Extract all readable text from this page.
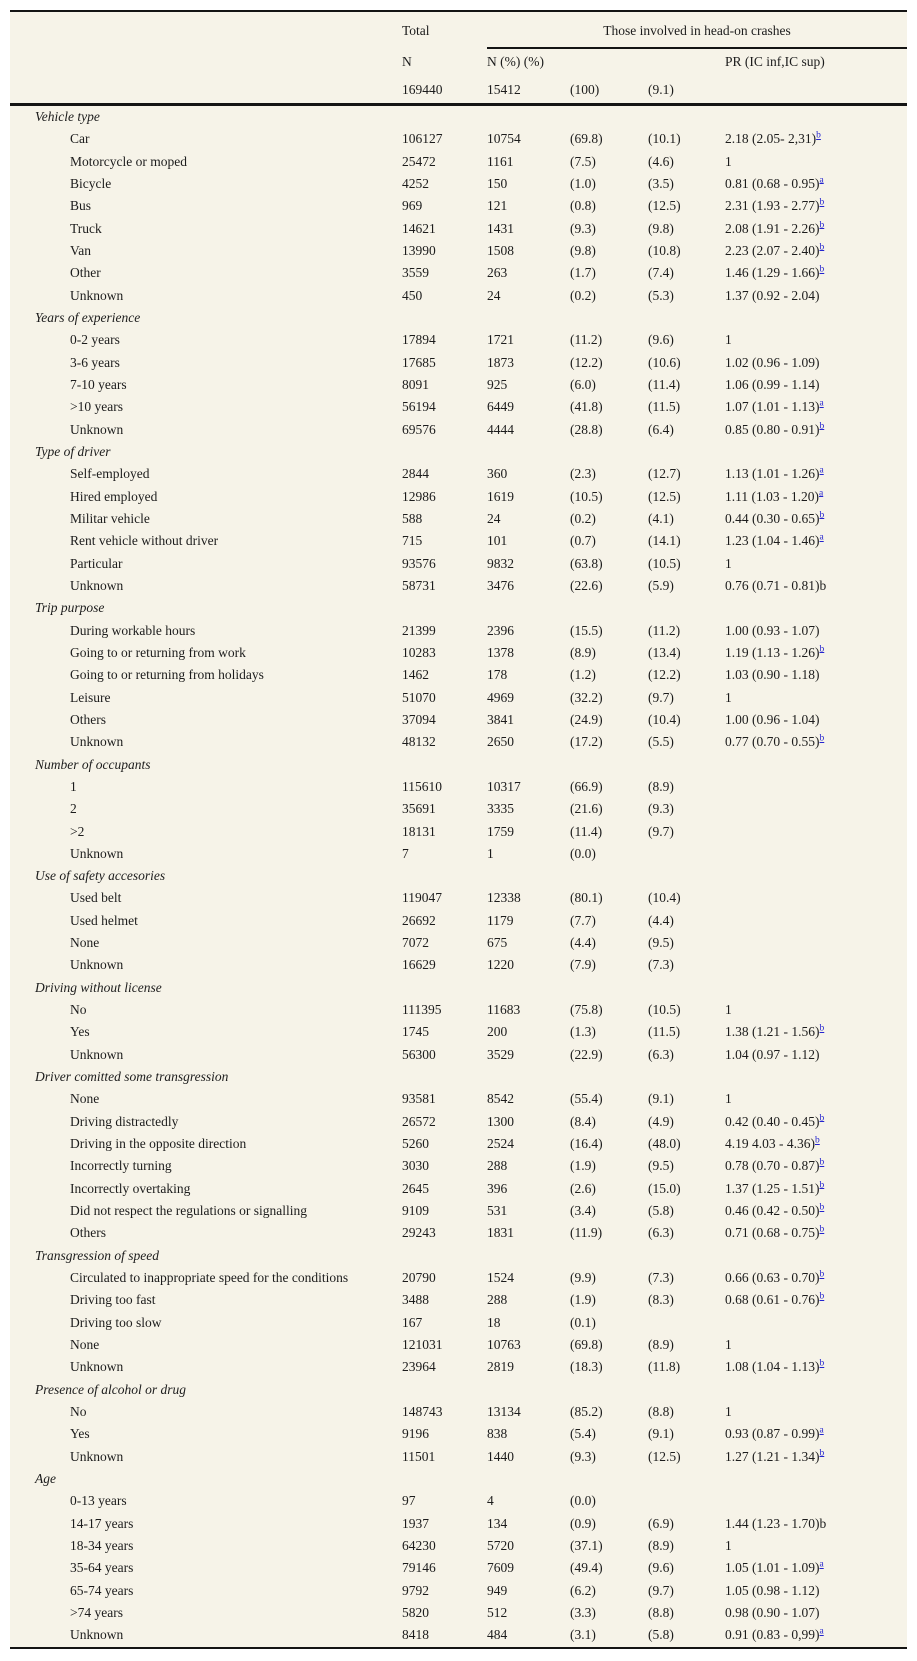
Total	Those involved in head-on crashes
N	N (%) (%)	PR (IC inf,IC sup)
169440	15412	(100)	(9.1)
Vehicle type
Car	106127	10754	(69.8)	(10.1)	2.18 (2.05- 2,31)$^b$
Motorcycle or moped	25472	1161	(7.5)	(4.6)	1
Bicycle	4252	150	(1.0)	(3.5)	0.81 (0.68 - 0.95)$^a$
Bus	969	121	(0.8)	(12.5)	2.31 (1.93 - 2.77)$^b$
Truck	14621	1431	(9.3)	(9.8)	2.08 (1.91 - 2.26)$^b$
Van	13990	1508	(9.8)	(10.8)	2.23 (2.07 - 2.40)$^b$
Other	3559	263	(1.7)	(7.4)	1.46 (1.29 - 1.66)$^b$
Unknown	450	24	(0.2)	(5.3)	1.37 (0.92 - 2.04)
Years of experience
0-2 years	17894	1721	(11.2)	(9.6)	1
3-6 years	17685	1873	(12.2)	(10.6)	1.02 (0.96 - 1.09)
7-10 years	8091	925	(6.0)	(11.4)	1.06 (0.99 - 1.14)
>10 years	56194	6449	(41.8)	(11.5)	1.07 (1.01 - 1.13)$^a$
Unknown	69576	4444	(28.8)	(6.4)	0.85 (0.80 - 0.91)$^b$
Type of driver
Self-employed	2844	360	(2.3)	(12.7)	1.13 (1.01 - 1.26)$^a$
Hired employed	12986	1619	(10.5)	(12.5)	1.11 (1.03 - 1.20)$^a$
Militar vehicle	588	24	(0.2)	(4.1)	0.44 (0.30 - 0.65)$^b$
Rent vehicle without driver	715	101	(0.7)	(14.1)	1.23 (1.04 - 1.46)$^a$
Particular	93576	9832	(63.8)	(10.5)	1
Unknown	58731	3476	(22.6)	(5.9)	0.76 (0.71 - 0.81)b
Trip purpose
During workable hours	21399	2396	(15.5)	(11.2)	1.00 (0.93 - 1.07)
Going to or returning from work	10283	1378	(8.9)	(13.4)	1.19 (1.13 - 1.26)$^b$
Going to or returning from holidays	1462	178	(1.2)	(12.2)	1.03 (0.90 - 1.18)
Leisure	51070	4969	(32.2)	(9.7)	1
Others	37094	3841	(24.9)	(10.4)	1.00 (0.96 - 1.04)
Unknown	48132	2650	(17.2)	(5.5)	0.77 (0.70 - 0.55)$^b$
Number of occupants
1	115610	10317	(66.9)	(8.9)
2	35691	3335	(21.6)	(9.3)
>2	18131	1759	(11.4)	(9.7)
Unknown	7	1	(0.0)
Use of safety accesories
Used belt	119047	12338	(80.1)	(10.4)
Used helmet	26692	1179	(7.7)	(4.4)
None	7072	675	(4.4)	(9.5)
Unknown	16629	1220	(7.9)	(7.3)
Driving without license
No	111395	11683	(75.8)	(10.5)	1
Yes	1745	200	(1.3)	(11.5)	1.38 (1.21 - 1.56)$^b$
Unknown	56300	3529	(22.9)	(6.3)	1.04 (0.97 - 1.12)
Driver comitted some transgression
None	93581	8542	(55.4)	(9.1)	1
Driving distractedly	26572	1300	(8.4)	(4.9)	0.42 (0.40 - 0.45)$^b$
Driving in the opposite direction	5260	2524	(16.4)	(48.0)	4.19 4.03 - 4.36)$^b$
Incorrectly turning	3030	288	(1.9)	(9.5)	0.78 (0.70 - 0.87)$^b$
Incorrectly overtaking	2645	396	(2.6)	(15.0)	1.37 (1.25 - 1.51)$^b$
Did not respect the regulations or signalling	9109	531	(3.4)	(5.8)	0.46 (0.42 - 0.50)$^b$
Others	29243	1831	(11.9)	(6.3)	0.71 (0.68 - 0.75)$^b$
Transgression of speed
Circulated to inappropriate speed for the conditions	20790	1524	(9.9)	(7.3)	0.66 (0.63 - 0.70)$^b$
Driving too fast	3488	288	(1.9)	(8.3)	0.68 (0.61 - 0.76)$^b$
Driving too slow	167	18	(0.1)
None	121031	10763	(69.8)	(8.9)	1
Unknown	23964	2819	(18.3)	(11.8)	1.08 (1.04 - 1.13)$^b$
Presence of alcohol or drug
No	148743	13134	(85.2)	(8.8)	1
Yes	9196	838	(5.4)	(9.1)	0.93 (0.87 - 0.99)$^a$
Unknown	11501	1440	(9.3)	(12.5)	1.27 (1.21 - 1.34)$^b$
Age
0-13 years	97	4	(0.0)
14-17 years	1937	134	(0.9)	(6.9)	1.44 (1.23 - 1.70)b
18-34 years	64230	5720	(37.1)	(8.9)	1
35-64 years	79146	7609	(49.4)	(9.6)	1.05 (1.01 - 1.09)$^a$
65-74 years	9792	949	(6.2)	(9.7)	1.05 (0.98 - 1.12)
>74 years	5820	512	(3.3)	(8.8)	0.98 (0.90 - 1.07)
Unknown	8418	484	(3.1)	(5.8)	0.91 (0.83 - 0,99)$^a$
